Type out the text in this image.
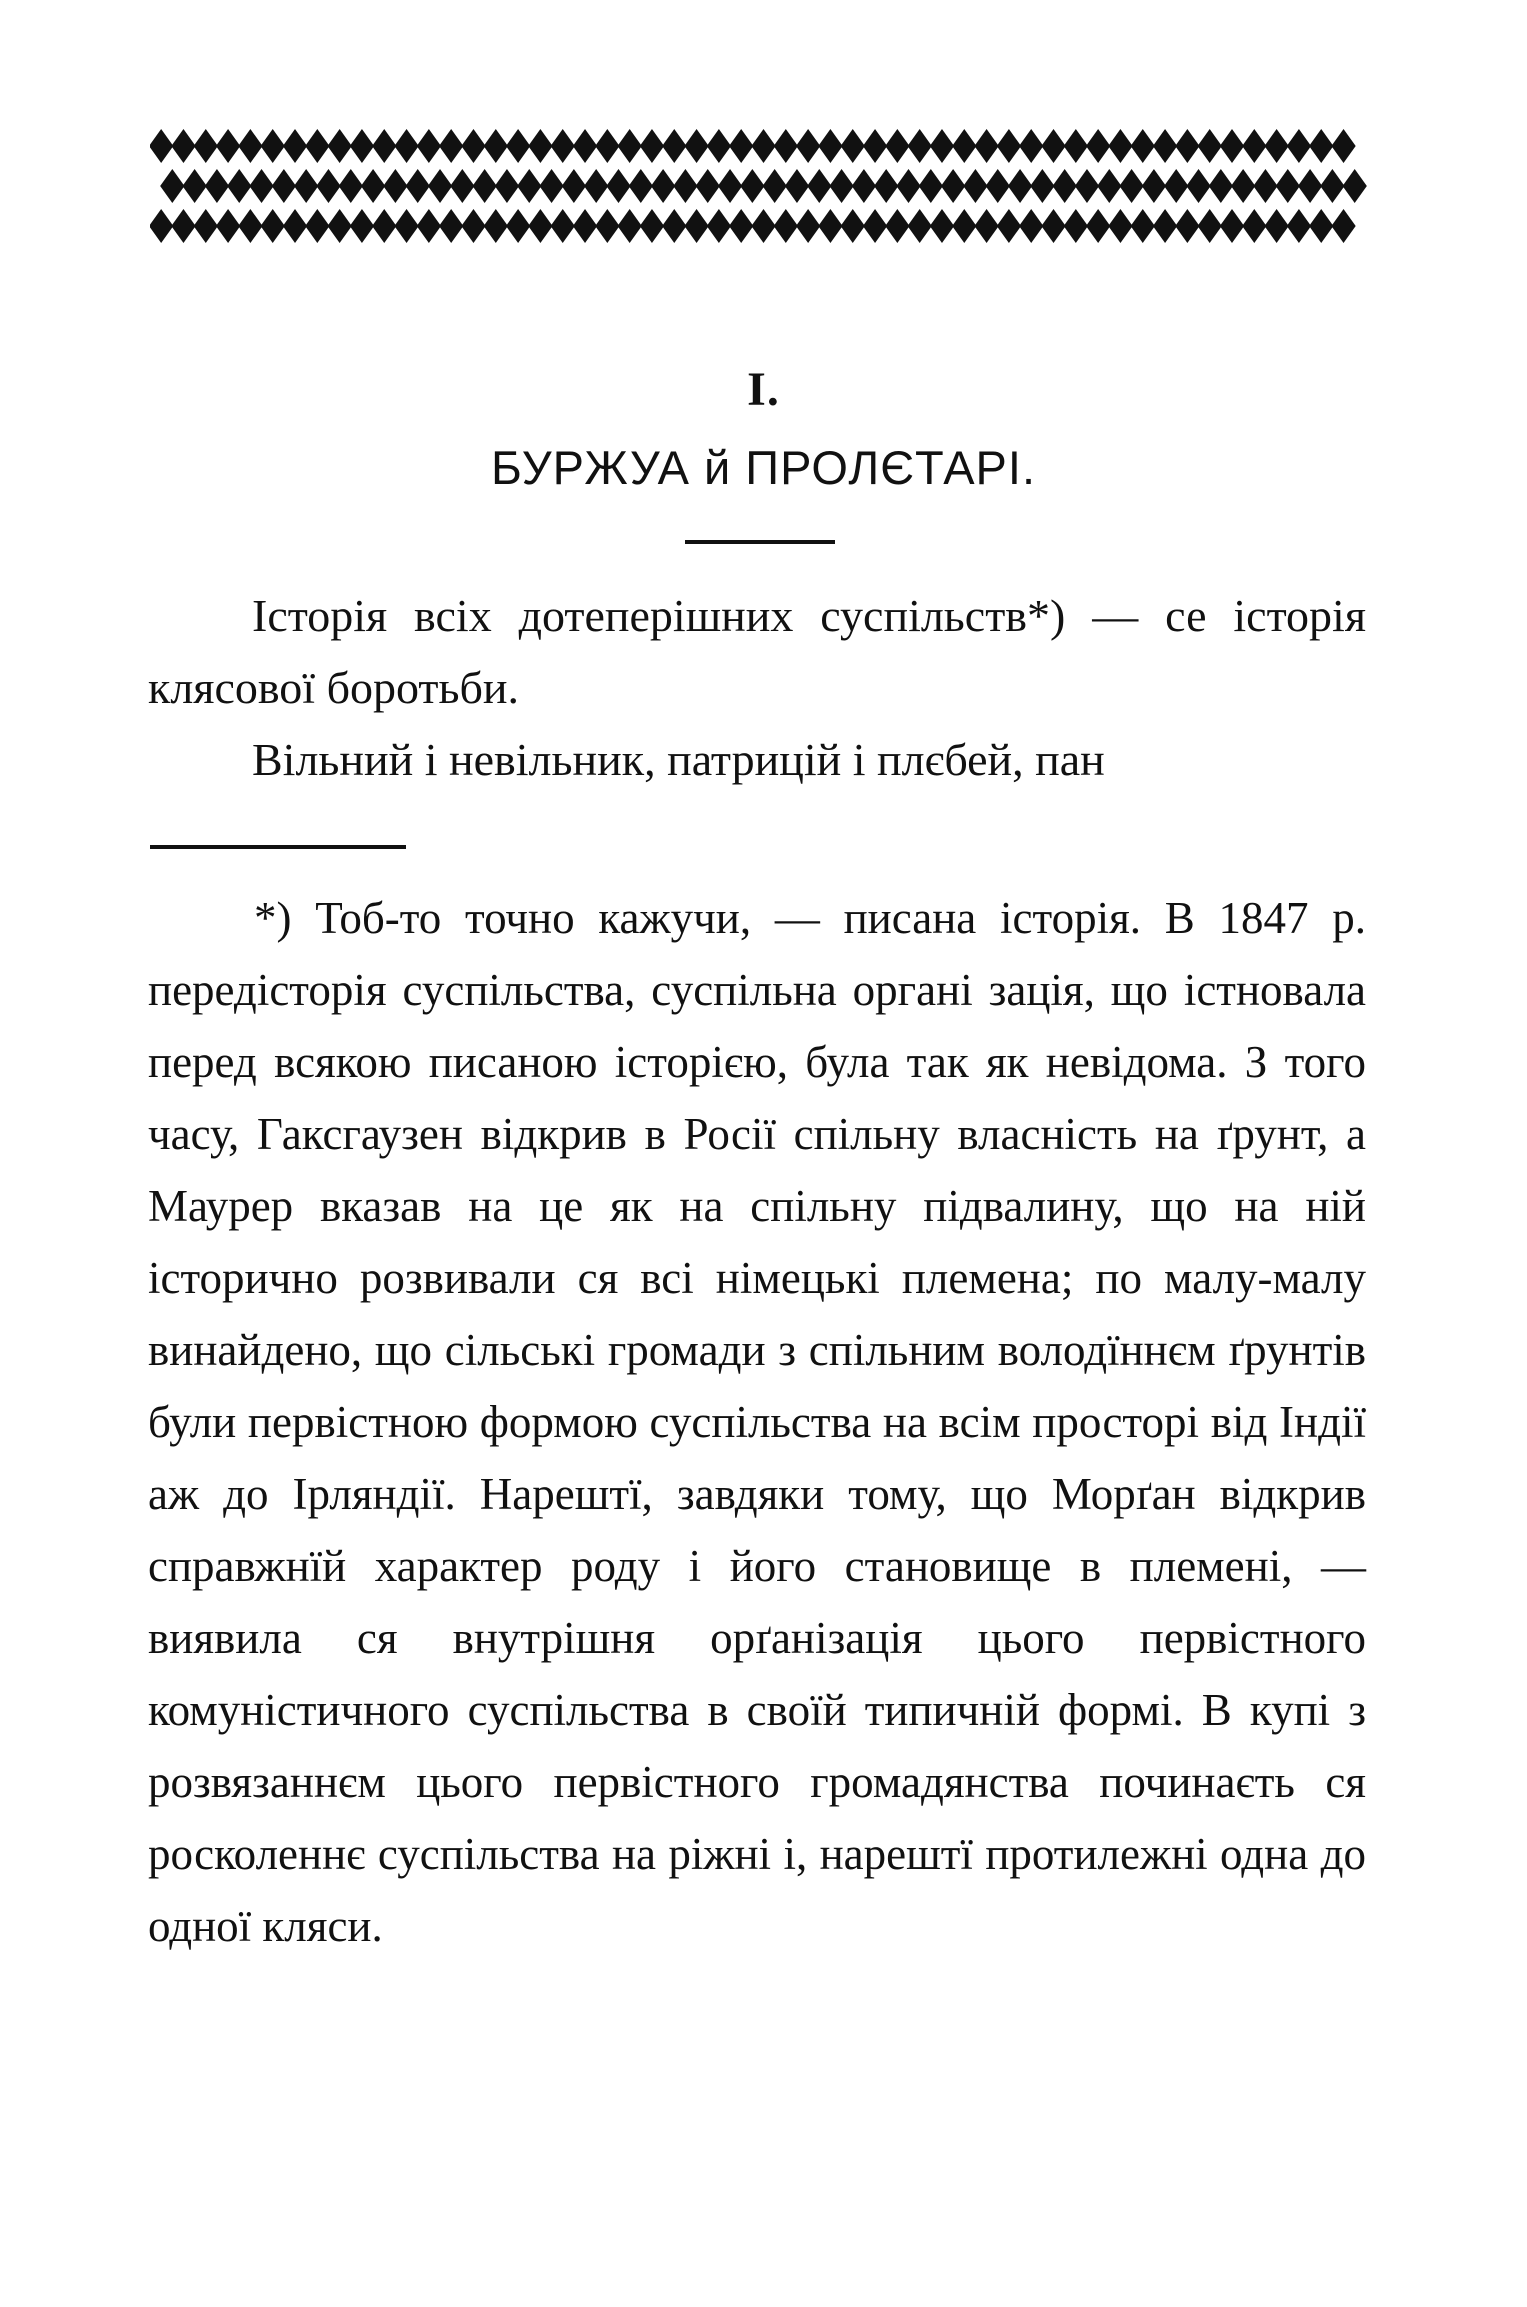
I.
БУРЖУА й ПРОЛЄТАРІ.

Історія всіх дотеперішних суспільств*) — се історія клясової боротьби.

Вільний і невільник, патрицій і плєбей, пан

*) Тоб-то точно кажучи, — писана історія. В 1847 р. передісторія суспільства, суспільна органі зація, що істновала перед всякою писаною історією, була так як невідома. З того часу, Гаксгаузен відкрив в Росії спільну власність на ґрунт, а Маурер вказав на це як на спільну підвалину, що на ній історично розвивали ся всі німецькі племена; по малу-малу винайдено, що сільські громади з спільним володїннєм ґрунтів були первістною формою суспільства на всім просторі від Індії аж до Ірляндії. Нарештї, завдяки тому, що Морґан відкрив справжнїй характер роду і його становище в племені, — виявила ся внутрішня орґанізація цього первістного комуністичного суспільства в своїй типичній формі. В купі з розвязаннєм цього первістного громадянства починаєть ся росколеннє суспільства на ріжні і, нарештї протилежні одна до одної кляси.
